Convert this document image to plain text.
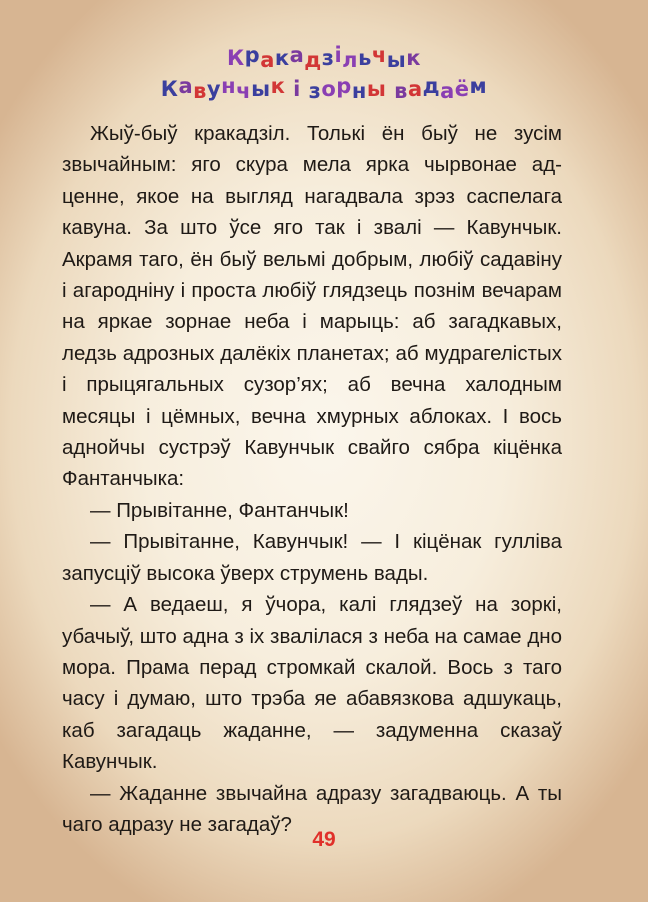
Кракадзільчык
Кавунчык і зорны вадаём

Жыў-быў кракадзіл. Толькі ён быў не зусім звычайным: яго скура мела ярка чырвонае адценне, якое на выгляд нагадвала зрэз саспелага кавуна. За што ўсе яго так і звалі — Кавунчык. Акрамя таго, ён быў вельмі добрым, любіў садавіну і агародніну і проста любіў глядзець познім вечарам на яркае зорнае неба і марыць: аб загадкавых, ледзь адрозных далёкіх планетах; аб мудрагелістых і прыцягальных сузор’ях; аб вечна халодным месяцы і цёмных, вечна хмурных аблоках. І вось аднойчы сустрэў Кавунчык свайго сябра кіцёнка Фантанчыка:

— Прывітанне, Фантанчык!

— Прывітанне, Кавунчык! — І кіцёнак гулліва запусціў высока ўверх струмень вады.

— А ведаеш, я ўчора, калі глядзеў на зоркі, убачыў, што адна з іх звалілася з неба на самае дно мора. Прама перад стромкай скалой. Вось з таго часу і думаю, што трэба яе абавязкова адшукаць, каб загадаць жаданне, — задуменна сказаў Кавунчык.

— Жаданне звычайна адразу загадваюць. А ты чаго адразу не загадаў?

49
